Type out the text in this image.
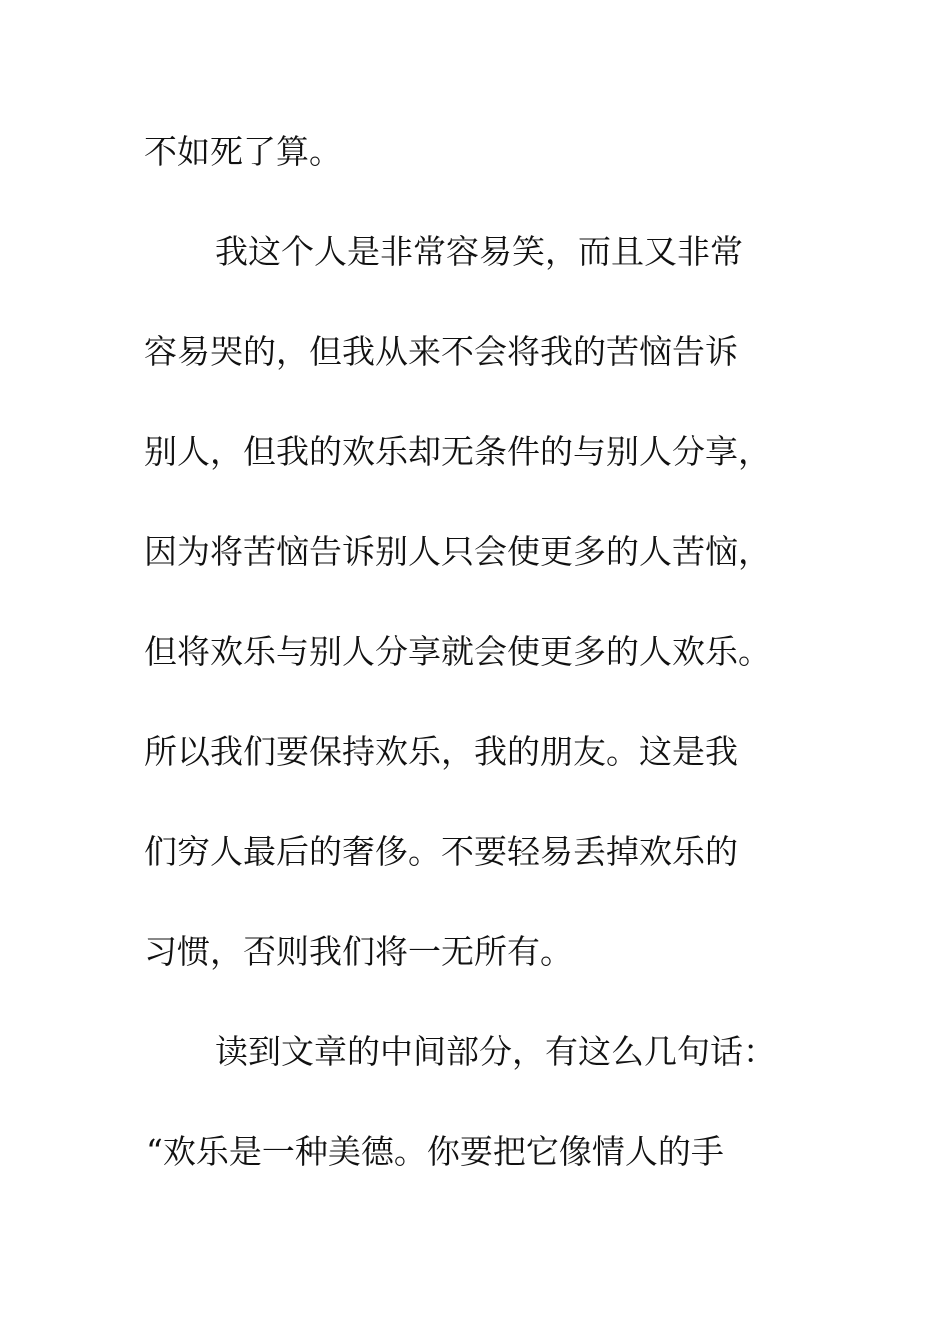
不如死了算。

我这个人是非常容易笑，而且又非常

容易哭的，但我从来不会将我的苦恼告诉

别人，但我的欢乐却无条件的与别人分享，

因为将苦恼告诉别人只会使更多的人苦恼，

但将欢乐与别人分享就会使更多的人欢乐。

所以我们要保持欢乐，我的朋友。这是我

们穷人最后的奢侈。不要轻易丢掉欢乐的

习惯，否则我们将一无所有。

读到文章的中间部分，有这么几句话：

“欢乐是一种美德。你要把它像情人的手
